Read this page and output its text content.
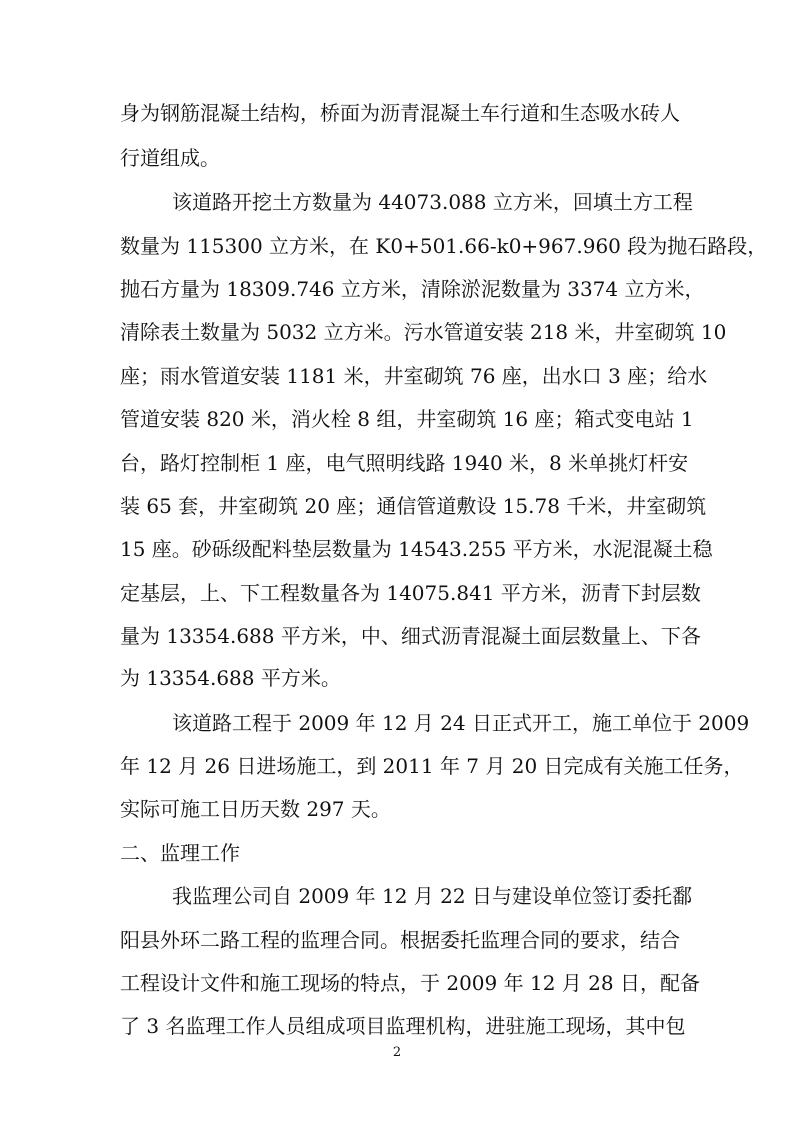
身为钢筋混凝土结构，桥面为沥青混凝土车行道和生态吸水砖人
行道组成。
该道路开挖土方数量为 44073.088 立方米，回填土方工程
数量为 115300 立方米，在 K0+501.66-k0+967.960 段为抛石路段，
抛石方量为 18309.746 立方米，清除淤泥数量为 3374 立方米，
清除表土数量为 5032 立方米。污水管道安装 218 米，井室砌筑 10
座；雨水管道安装 1181 米，井室砌筑 76 座，出水口 3 座；给水
管道安装 820 米，消火栓 8 组，井室砌筑 16 座；箱式变电站 1
台，路灯控制柜 1 座，电气照明线路 1940 米，8 米单挑灯杆安
装 65 套，井室砌筑 20 座；通信管道敷设 15.78 千米，井室砌筑
15 座。砂砾级配料垫层数量为 14543.255 平方米，水泥混凝土稳
定基层，上、下工程数量各为 14075.841 平方米，沥青下封层数
量为 13354.688 平方米，中、细式沥青混凝土面层数量上、下各
为 13354.688 平方米。
该道路工程于 2009 年 12 月 24 日正式开工，施工单位于 2009
年 12 月 26 日进场施工，到 2011 年 7 月 20 日完成有关施工任务，
实际可施工日历天数 297 天。
二、监理工作
我监理公司自 2009 年 12 月 22 日与建设单位签订委托鄱
阳县外环二路工程的监理合同。根据委托监理合同的要求，结合
工程设计文件和施工现场的特点，于 2009 年 12 月 28 日，配备
了 3 名监理工作人员组成项目监理机构，进驻施工现场，其中包
2
